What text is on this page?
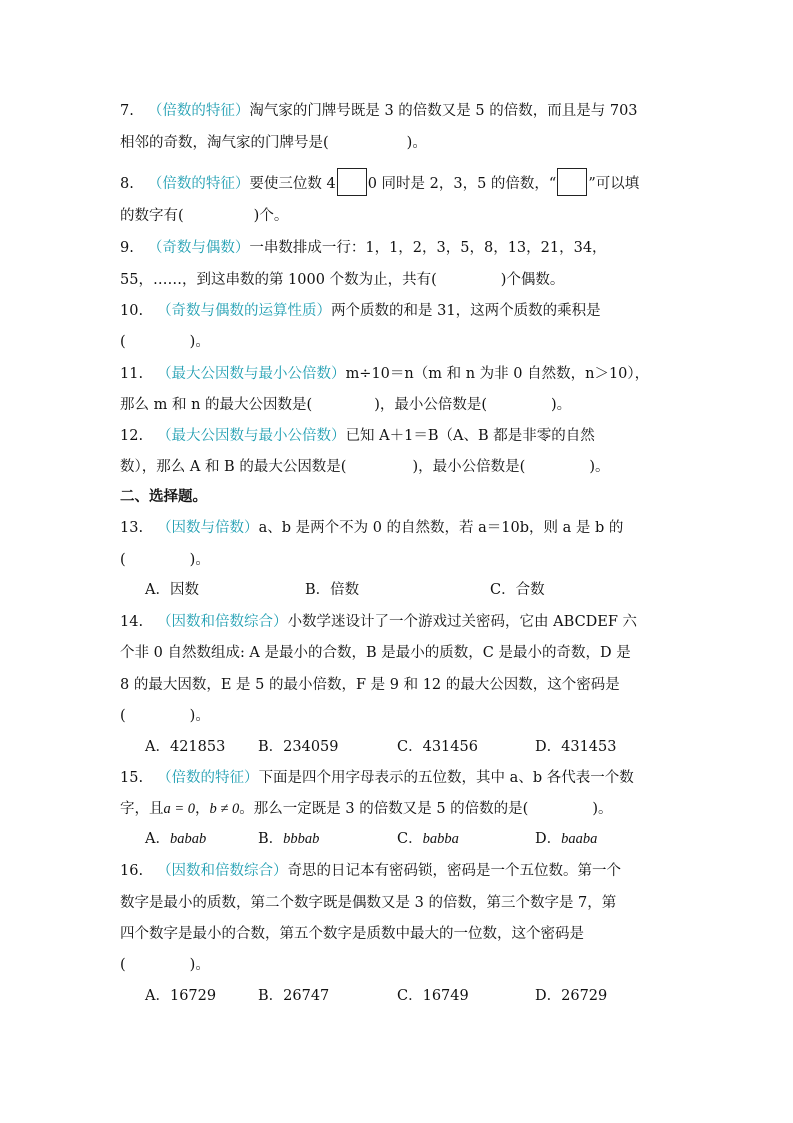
7. （倍数的特征）淘气家的门牌号既是 3 的倍数又是 5 的倍数，而且是与 703
相邻的奇数，淘气家的门牌号是(	)。
8. （倍数的特征）要使三位数 4 0 同时是 2，3，5 的倍数，“ ”可以填
的数字有(	)个。
9. （奇数与偶数）一串数排成一行：1，1，2，3，5，8，13，21，34，
55，……，到这串数的第 1000 个数为止，共有(	)个偶数。
10. （奇数与偶数的运算性质）两个质数的和是 31，这两个质数的乘积是
(	)。
11. （最大公因数与最小公倍数）m÷10＝n（m 和 n 为非 0 自然数，n＞10），
那么 m 和 n 的最大公因数是(	)，最小公倍数是(	)。
12. （最大公因数与最小公倍数）已知 A＋1＝B（A、B 都是非零的自然
数），那么 A 和 B 的最大公因数是(	)，最小公倍数是(	)。
二、选择题。
13. （因数与倍数）a、b 是两个不为 0 的自然数，若 a＝10b，则 a 是 b 的
(	)。
A．因数	B．倍数	C．合数
14. （因数和倍数综合）小数学迷设计了一个游戏过关密码，它由 ABCDEF 六
个非 0 自然数组成: A 是最小的合数，B 是最小的质数，C 是最小的奇数，D 是
8 的最大因数，E 是 5 的最小倍数，F 是 9 和 12 的最大公因数，这个密码是
(	)。
A．421853 B．234059	C．431456	D．431453
15. （倍数的特征）下面是四个用字母表示的五位数，其中 a、b 各代表一个数
字，且a = 0，b ≠ 0。那么一定既是 3 的倍数又是 5 的倍数的是(	)。
A．babab	B．bbbab	C．babba	D．baaba
16. （因数和倍数综合）奇思的日记本有密码锁，密码是一个五位数。第一个
数字是最小的质数，第二个数字既是偶数又是 3 的倍数，第三个数字是 7，第
四个数字是最小的合数，第五个数字是质数中最大的一位数，这个密码是
(	)。
A．16729	B．26747	C．16749	D．26729
